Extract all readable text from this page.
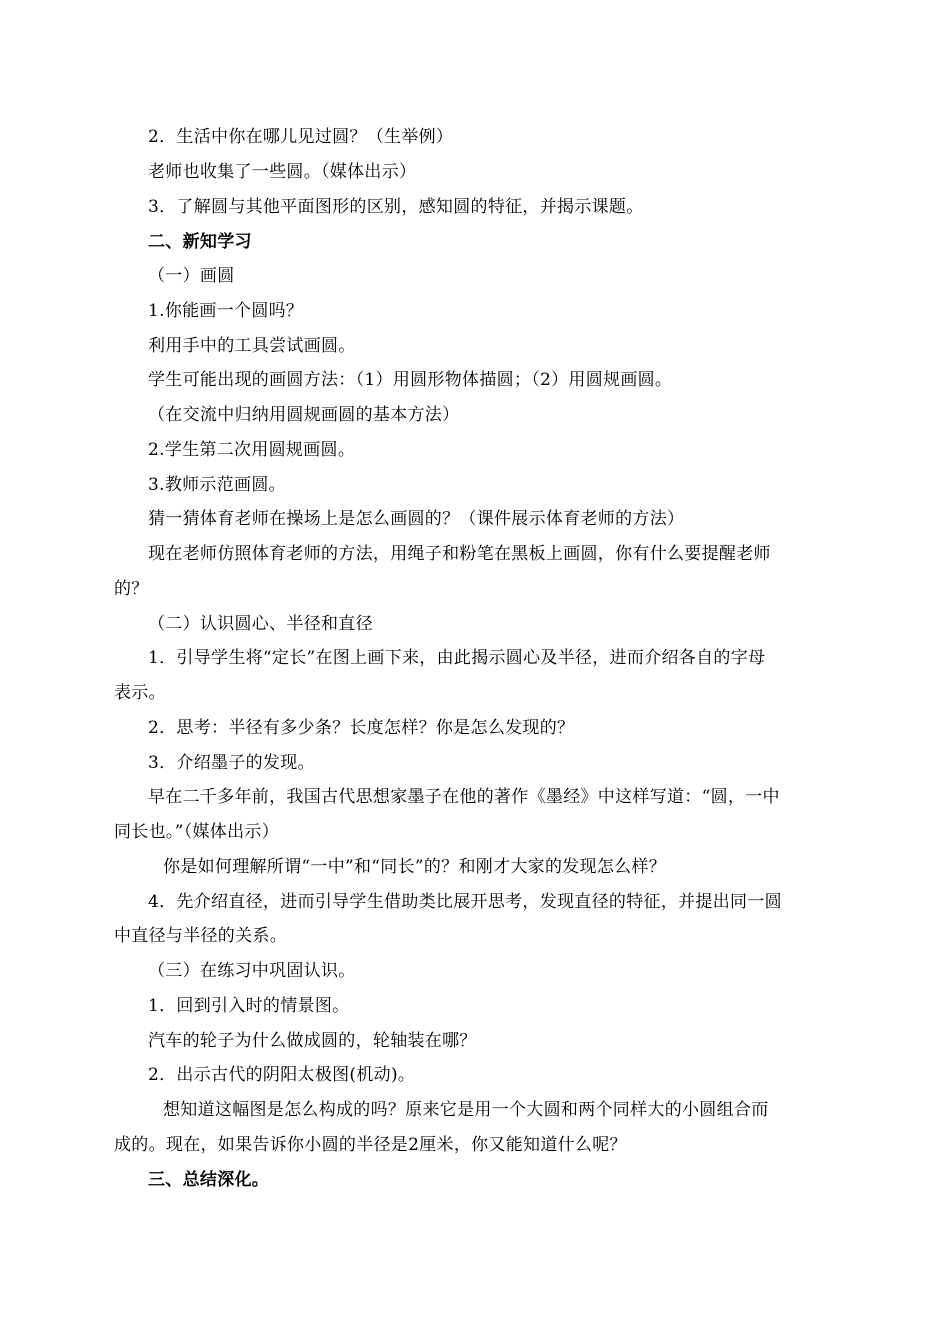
2．生活中你在哪儿见过圆？（生举例）
老师也收集了一些圆。（媒体出示）
3．了解圆与其他平面图形的区别，感知圆的特征，并揭示课题。
二、新知学习
（一）画圆
1.你能画一个圆吗？
利用手中的工具尝试画圆。
学生可能出现的画圆方法：（1）用圆形物体描圆；（2）用圆规画圆。
（在交流中归纳用圆规画圆的基本方法）
2.学生第二次用圆规画圆。
3.教师示范画圆。
猜一猜体育老师在操场上是怎么画圆的？（课件展示体育老师的方法）
现在老师仿照体育老师的方法，用绳子和粉笔在黑板上画圆，你有什么要提醒老师
的？
（二）认识圆心、半径和直径
1．引导学生将“定长”在图上画下来，由此揭示圆心及半径，进而介绍各自的字母
表示。
2．思考：半径有多少条？长度怎样？你是怎么发现的？
3．介绍墨子的发现。
早在二千多年前，我国古代思想家墨子在他的著作《墨经》中这样写道：“圆，一中
同长也。”（媒体出示）
你是如何理解所谓“一中”和“同长”的？和刚才大家的发现怎么样？
4．先介绍直径，进而引导学生借助类比展开思考，发现直径的特征，并提出同一圆
中直径与半径的关系。
（三）在练习中巩固认识。
1．回到引入时的情景图。
汽车的轮子为什么做成圆的，轮轴装在哪？
2．出示古代的阴阳太极图(机动)。
想知道这幅图是怎么构成的吗？原来它是用一个大圆和两个同样大的小圆组合而
成的。现在，如果告诉你小圆的半径是2厘米，你又能知道什么呢？
三、总结深化。
